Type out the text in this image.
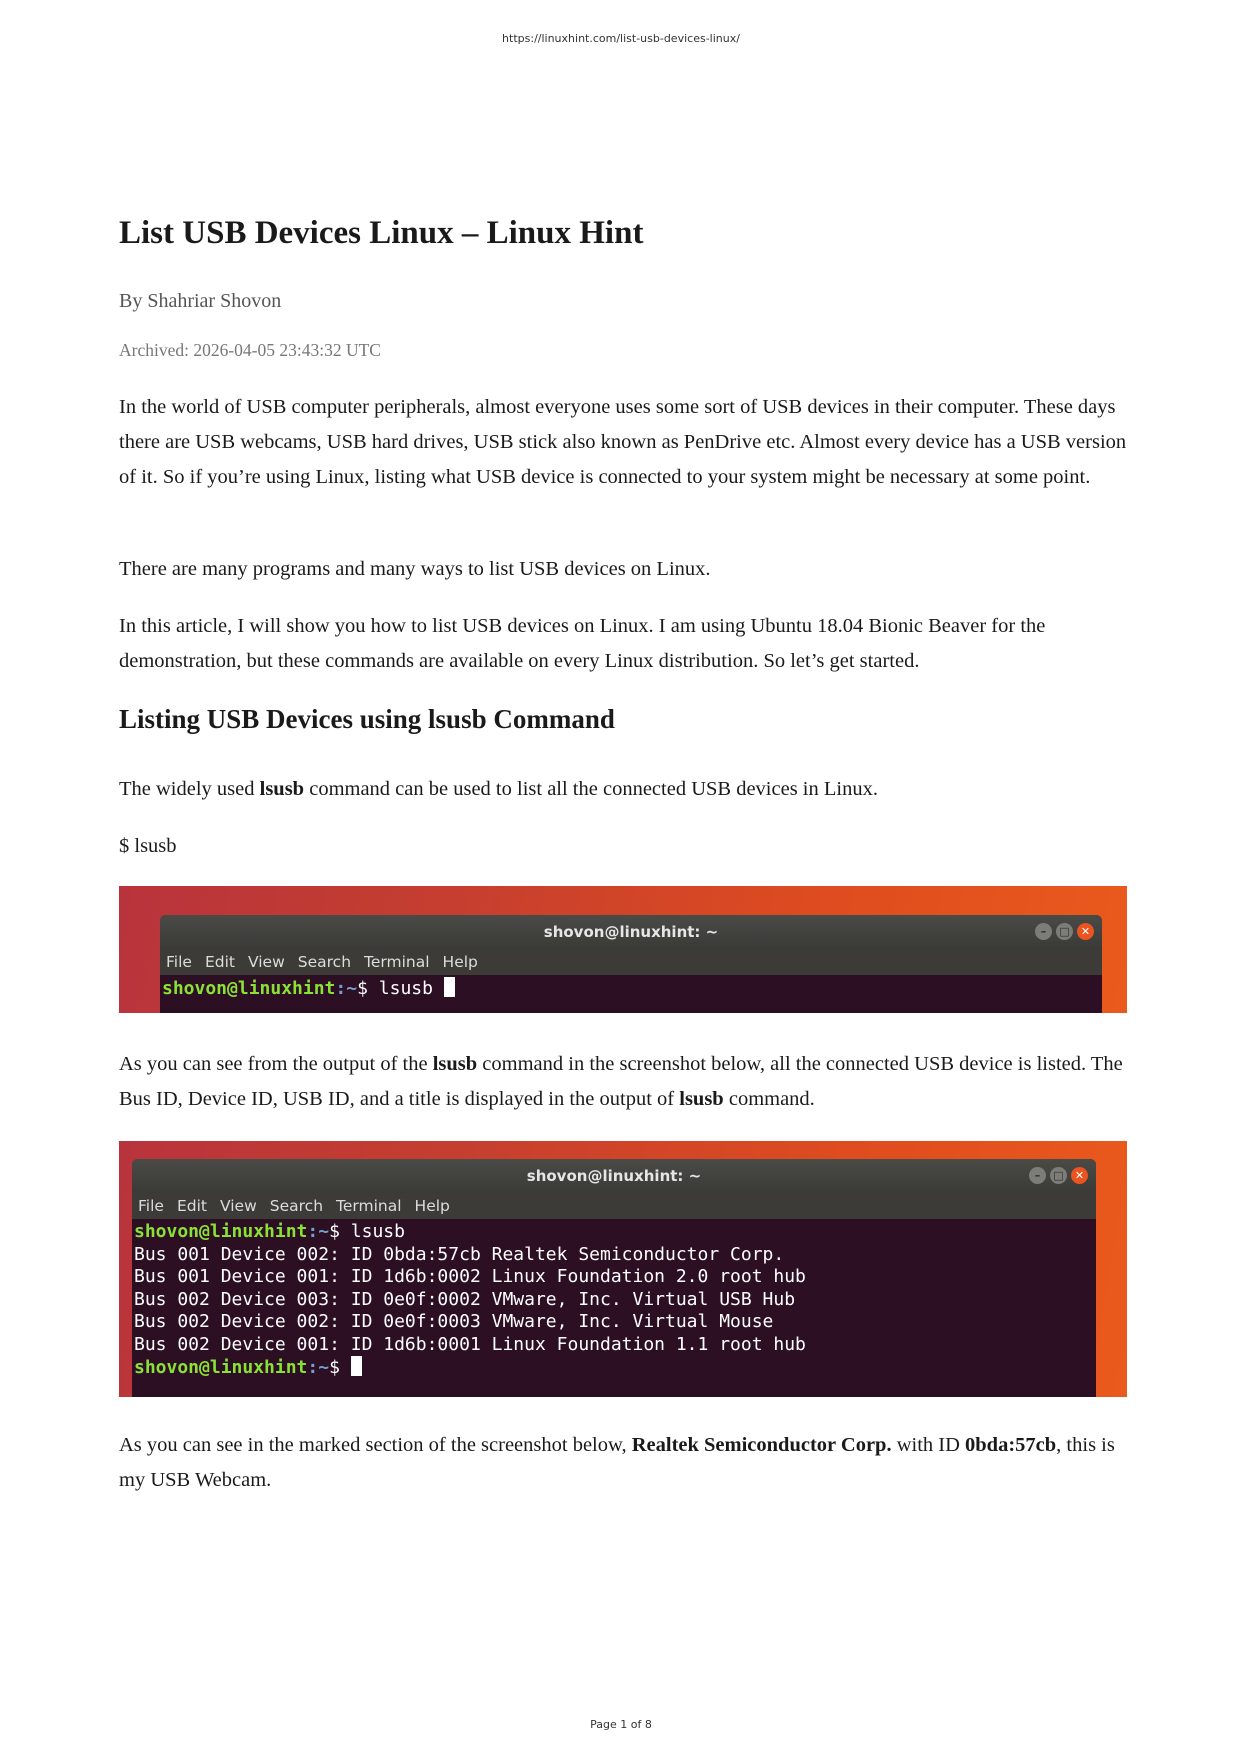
https://linuxhint.com/list-usb-devices-linux/
List USB Devices Linux – Linux Hint
By Shahriar Shovon
Archived: 2026-04-05 23:43:32 UTC

In the world of USB computer peripherals, almost everyone uses some sort of USB devices in their computer. These days there are USB webcams, USB hard drives, USB stick also known as PenDrive etc. Almost every device has a USB version of it. So if you’re using Linux, listing what USB device is connected to your system might be necessary at some point.

There are many programs and many ways to list USB devices on Linux.

In this article, I will show you how to list USB devices on Linux. I am using Ubuntu 18.04 Bionic Beaver for the demonstration, but these commands are available on every Linux distribution. So let’s get started.

Listing USB Devices using lsusb Command

The widely used lsusb command can be used to list all the connected USB devices in Linux.

$ lsusb

shovon@linuxhint: ~	–	□	✕
File Edit View Search Terminal Help
shovon@linuxhint:~$ lsusb

As you can see from the output of the lsusb command in the screenshot below, all the connected USB device is listed. The Bus ID, Device ID, USB ID, and a title is displayed in the output of lsusb command.

shovon@linuxhint: ~	–	□	✕
File Edit View Search Terminal Help
shovon@linuxhint:~$ lsusb
Bus 001 Device 002: ID 0bda:57cb Realtek Semiconductor Corp.
Bus 001 Device 001: ID 1d6b:0002 Linux Foundation 2.0 root hub
Bus 002 Device 003: ID 0e0f:0002 VMware, Inc. Virtual USB Hub
Bus 002 Device 002: ID 0e0f:0003 VMware, Inc. Virtual Mouse
Bus 002 Device 001: ID 1d6b:0001 Linux Foundation 1.1 root hub
shovon@linuxhint:~$

As you can see in the marked section of the screenshot below, Realtek Semiconductor Corp. with ID 0bda:57cb, this is my USB Webcam.

Page 1 of 8
